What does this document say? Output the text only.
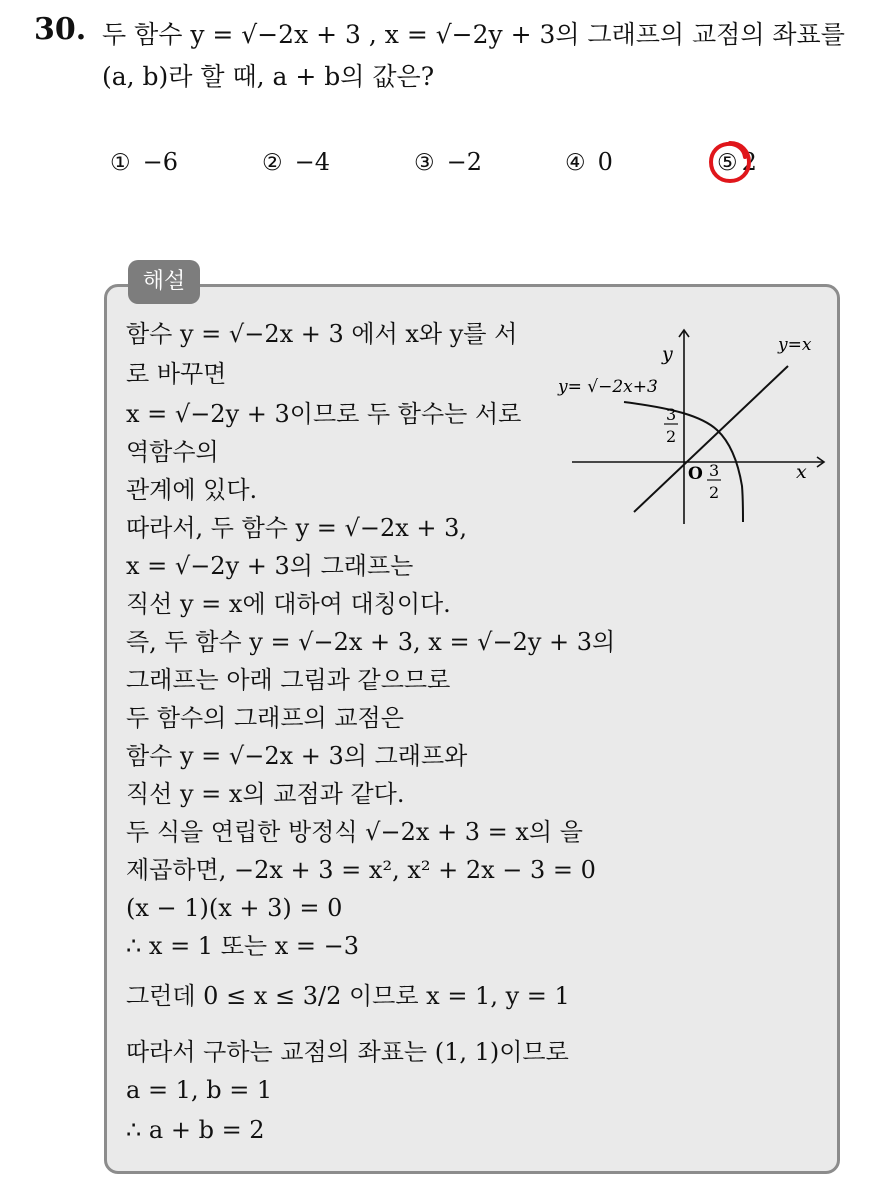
30. 두 함수 y = √−2x + 3 , x = √−2y + 3의 그래프의 교점의 좌표를
(a, b)라 할 때, a + b의 값은?
① −6	② −4	③ −2	④ 0	⑤ 2
해설
함수 y = √−2x + 3 에서 x와 y를 서
로 바꾸면
x = √−2y + 3이므로 두 함수는 서로
역함수의
관계에 있다.
따라서, 두 함수 y = √−2x + 3,
x = √−2y + 3의 그래프는
직선 y = x에 대하여 대칭이다.
즉, 두 함수 y = √−2x + 3, x = √−2y + 3의
그래프는 아래 그림과 같으므로
두 함수의 그래프의 교점은
함수 y = √−2x + 3의 그래프와
직선 y = x의 교점과 같다.
두 식을 연립한 방정식 √−2x + 3 = x의 을
제곱하면, −2x + 3 = x², x² + 2x − 3 = 0
(x − 1)(x + 3) = 0
∴ x = 1 또는 x = −3
그런데 0 ≤ x ≤ 3/2 이므로 x = 1, y = 1
따라서 구하는 교점의 좌표는 (1, 1)이므로
a = 1, b = 1
∴ a + b = 2
y
x
y=x
y= √−2x+3
O
3
2
3
2
